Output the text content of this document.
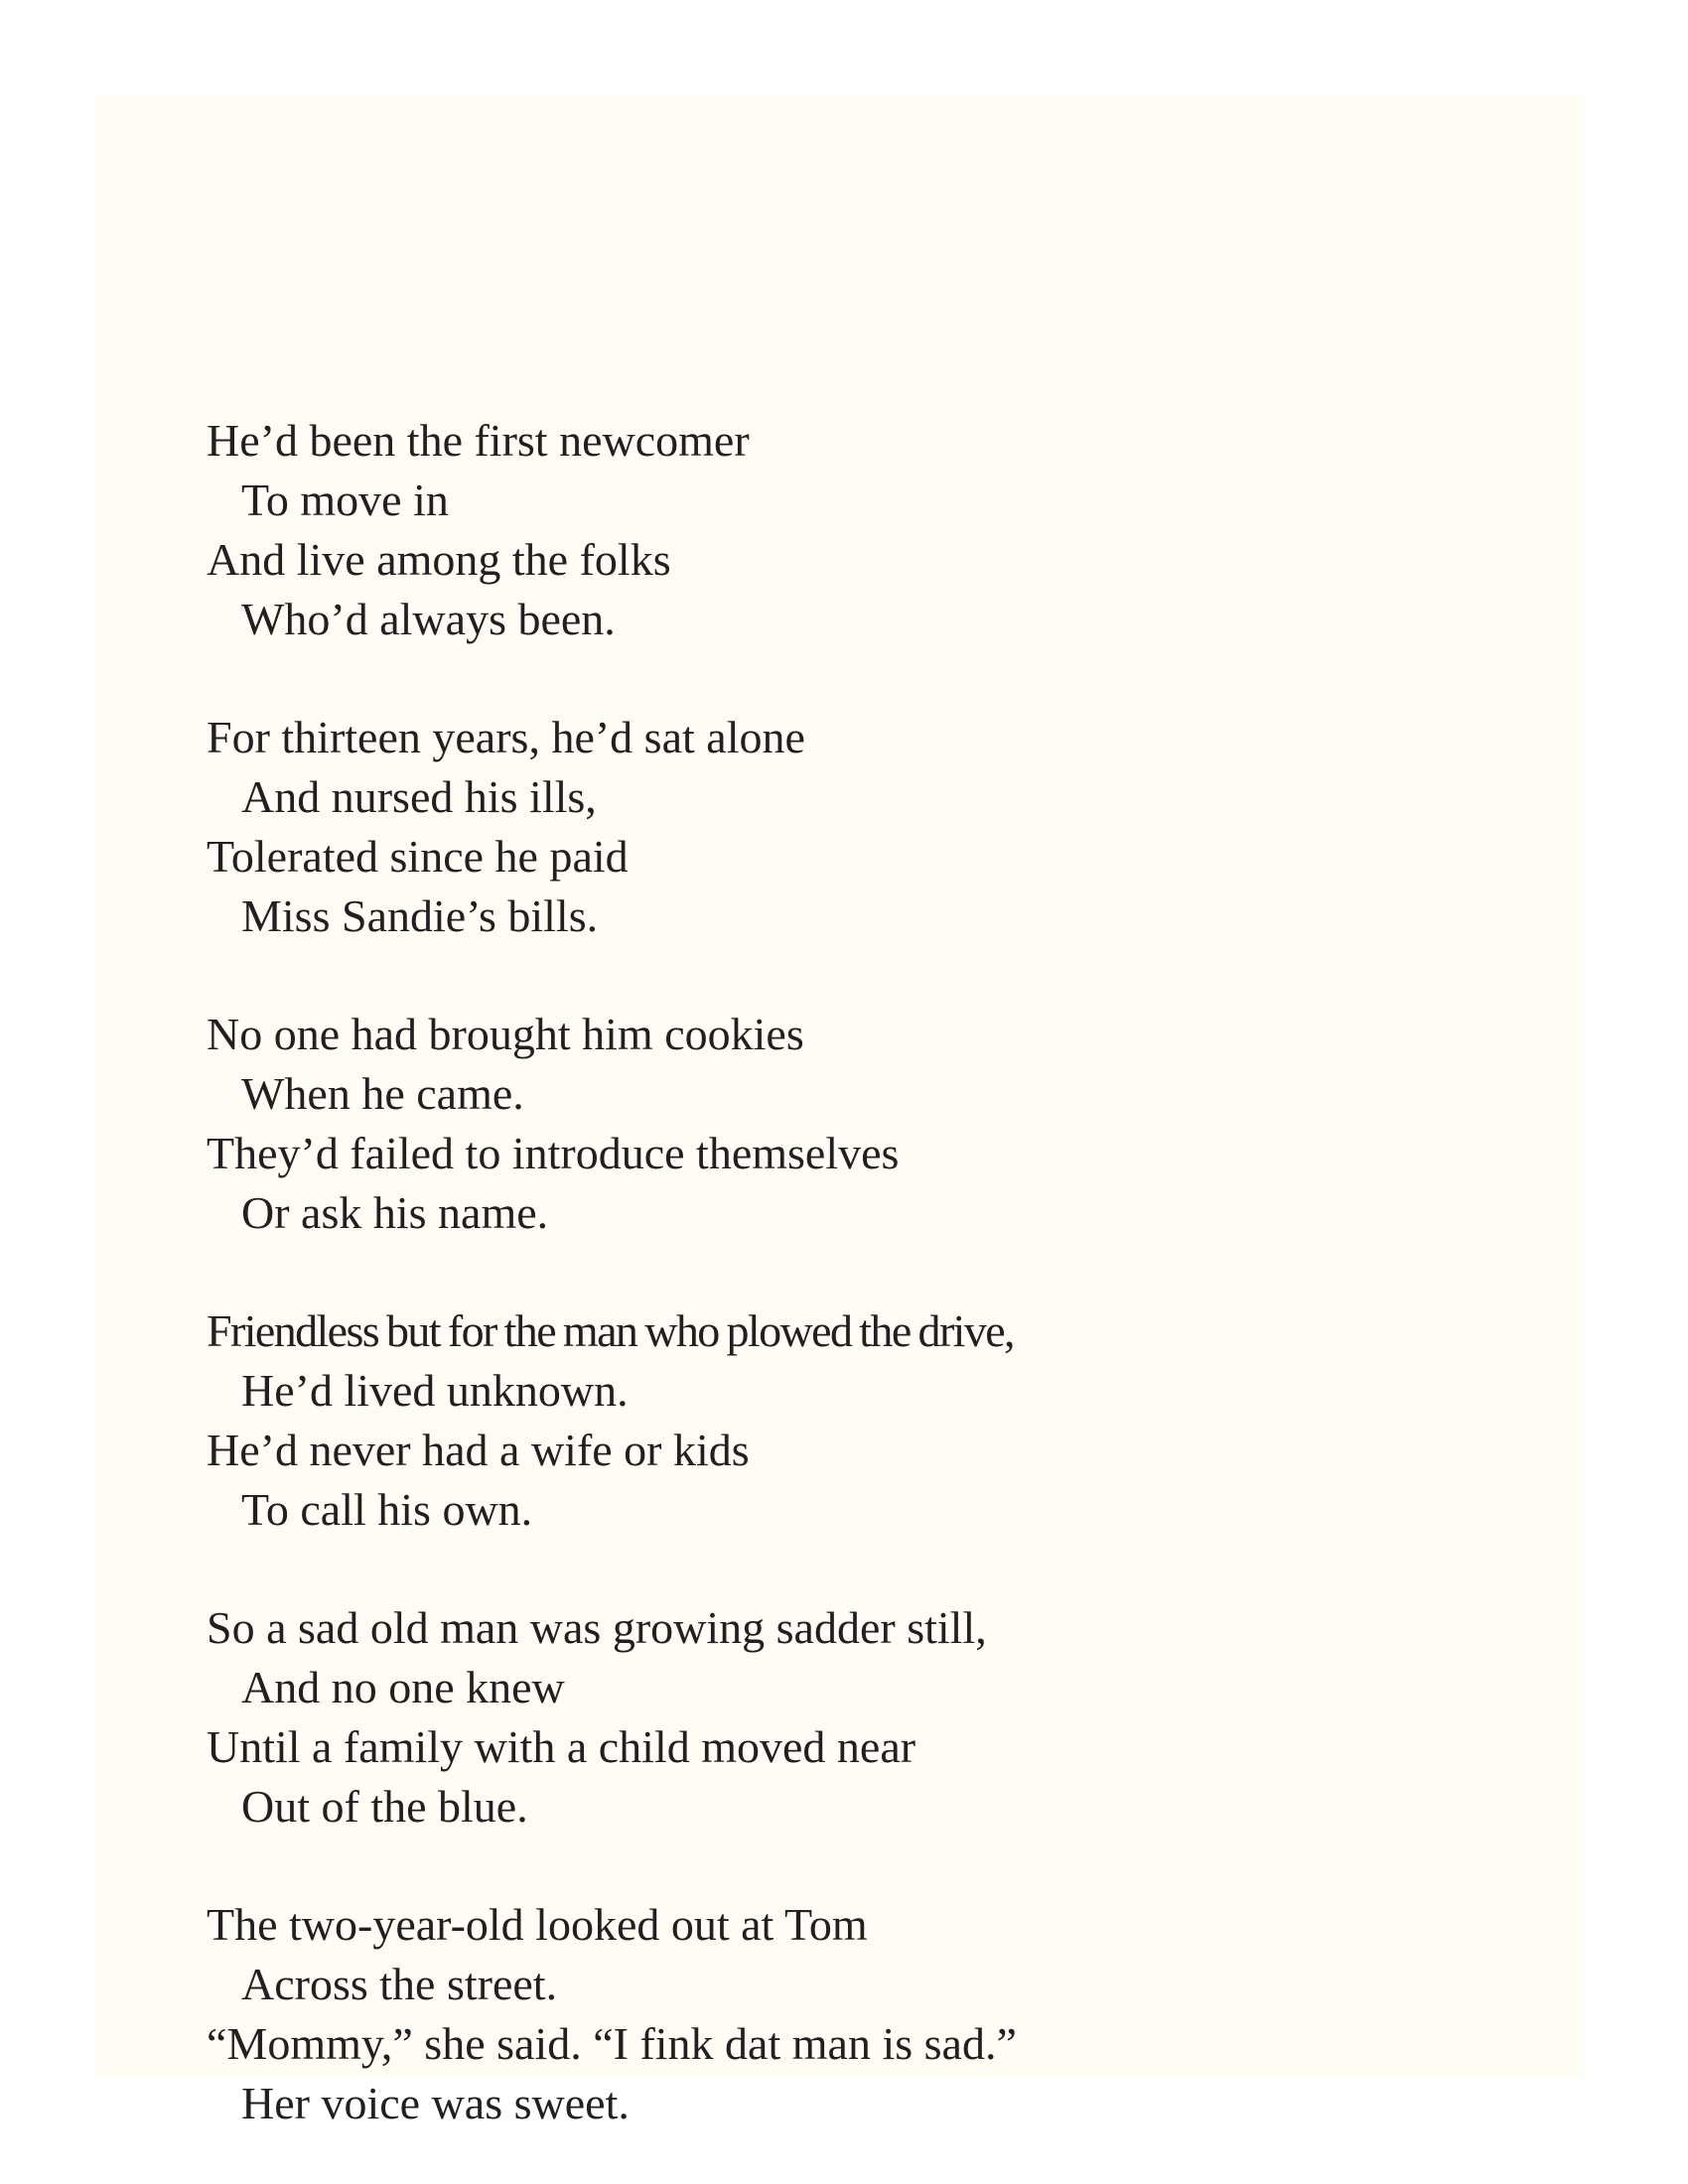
He’d been the first newcomer
To move in
And live among the folks
Who’d always been.
For thirteen years, he’d sat alone
And nursed his ills,
Tolerated since he paid
Miss Sandie’s bills.
No one had brought him cookies
When he came.
They’d failed to introduce themselves
Or ask his name.
Friendless but for the man who plowed the drive,
He’d lived unknown.
He’d never had a wife or kids
To call his own.
So a sad old man was growing sadder still,
And no one knew
Until a family with a child moved near
Out of the blue.
The two-year-old looked out at Tom
Across the street.
“Mommy,” she said. “I fink dat man is sad.”
Her voice was sweet.
